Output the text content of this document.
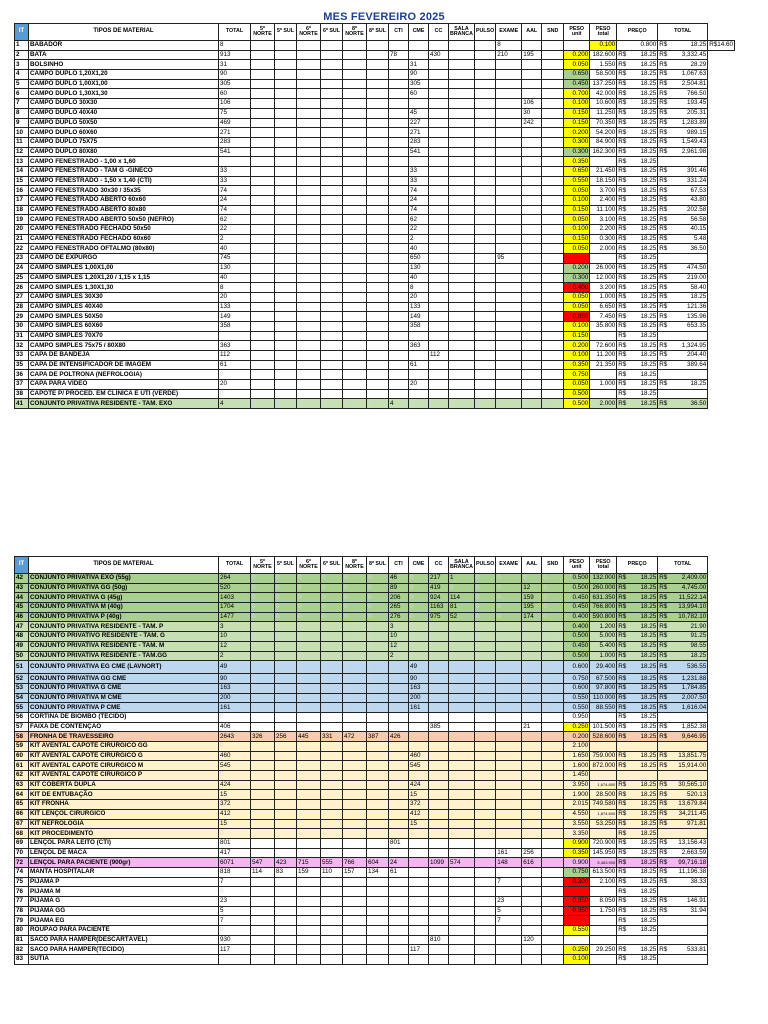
MES FEVEREIRO 2025
IT	TIPOS DE MATERIAL	TOTAL	5º NORTE	5º SUL	6º NORTE	6º SUL	8º NORTE	8º SUL	CTI	CME	CC	SALA BRANCA	PULSO	EXAME	AAL	SND	PESO unit	PESO total	PREÇO	TOTAL	
1	BABADOR	8												8				0.100	0.800	R$ 18.25	R$ 14.60

2	BATA	913							78		430			210	195		0.200	182.600	R$ 18.25	R$ 3,332.45	

3	BOLSINHO	31								31							0.050	1.550	R$ 18.25	R$ 28.29	

4	CAMPO DUPLO 1,20X1,20	90								90							0.650	58.500	R$ 18.25	R$ 1,067.63	

5	CAMPO DUPLO 1,00X1,00	305								305							0.450	137.250	R$ 18.25	R$ 2,504.81	

6	CAMPO DUPLO 1,30X1,30	60								60							0.700	42.000	R$ 18.25	R$ 766.50	

7	CAMPO DUPLO 30X30	106													106		0.100	10.600	R$ 18.25	R$ 193.45	

8	CAMPO DUPLO 40X40	75								45					30		0.150	11.250	R$ 18.25	R$ 205.31	

9	CAMPO DUPLO 50X50	469								227					242		0.150	70.350	R$ 18.25	R$ 1,283.89	

10	CAMPO DUPLO 60X60	271								271							0.200	54.200	R$ 18.25	R$ 989.15	

11	CAMPO DUPLO 75X75	283								283							0.300	84.900	R$ 18.25	R$ 1,549.43	

12	CAMPO DUPLO 80X80	541								541							0.300	162.300	R$ 18.25	R$ 2,961.98	

13	CAMPO FENESTRADO - 1,00 x 1,60																0.350		R$ 18.25		

14	CAMPO FENESTRADO - TAM G -GINECO	33								33							0.650	21.450	R$ 18.25	R$ 391.46	

15	CAMPO FENESTRADO - 1,50 x 1,40 (CTI)	33								33							0.550	18.150	R$ 18.25	R$ 331.24	

16	CAMPO FENESTRADO 30x30 / 35x35	74								74							0.050	3.700	R$ 18.25	R$ 67.53	

17	CAMPO FENESTRADO ABERTO 60x60	24								24							0.100	2.400	R$ 18.25	R$ 43.80	

18	CAMPO FENESTRADO ABERTO 80x80	74								74							0.150	11.100	R$ 18.25	R$ 202.58	

19	CAMPO FENESTRADO ABERTO 50x50 (NEFRO)	62								62							0.050	3.100	R$ 18.25	R$ 56.58	

20	CAMPO FENESTRADO FECHADO 50x50	22								22							0.100	2.200	R$ 18.25	R$ 40.15	

21	CAMPO FENESTRADO FECHADO 60x60	2								2							0.150	0.300	R$ 18.25	R$ 5.48	

22	CAMPO FENESTRADO OFTALMO (80x80)	40								40							0.050	2.000	R$ 18.25	R$ 36.50	

23	CAMPO DE EXPURGO	745								650				95					R$ 18.25		

24	CAMPO SIMPLES 1,00X1,00	130								130							0.200	26.000	R$ 18.25	R$ 474.50	

25	CAMPO SIMPLES 1,20X1,20 / 1,15 x 1,15	40								40							0.300	12.000	R$ 18.25	R$ 219.00	

26	CAMPO SIMPLES 1,30X1,30	8								8							0.400	3.200	R$ 18.25	R$ 58.40	

27	CAMPO SIMPLES 30X30	20								20							0.050	1.000	R$ 18.25	R$ 18.25	

28	CAMPO SIMPLES 40X40	133								133							0.050	6.650	R$ 18.25	R$ 121.36	

29	CAMPO SIMPLES 50X50	149								149							0.050	7.450	R$ 18.25	R$ 135.96	

30	CAMPO SIMPLES 60X60	358								358							0.100	35.800	R$ 18.25	R$ 653.35	

31	CAMPO SIMPLES 70X70																0.150		R$ 18.25		

32	CAMPO SIMPLES 75x75 / 80X80	363								363							0.200	72.600	R$ 18.25	R$ 1,324.95	

33	CAPA DE BANDEJA	112									112						0.100	11.200	R$ 18.25	R$ 204.40	

35	CAPA DE INTENSIFICADOR DE IMAGEM	61								61							0.350	21.350	R$ 18.25	R$ 389.64	

36	CAPA DE POLTRONA (NEFROLOGIA)	0															0.750		R$ 18.25		

37	CAPA PARA VIDEO	20								20							0.050	1.000	R$ 18.25	R$ 18.25	

38	CAPOTE P/ PROCED. EM CLÍNICA E UTI (VERDE)	0															0.500		R$ 18.25		

41	CONJUNTO PRIVATIVA RESIDENTE - TAM. EXO	4	0	0	0	0	0	0	4	0	0	0	0	0	0	0	0.500	2.000	R$ 18.25	R$ 36.50	
IT	TIPOS DE MATERIAL	TOTAL	5º NORTE	5º SUL	6º NORTE	6º SUL	8º NORTE	8º SUL	CTI	CME	CC	SALA BRANCA	PULSO	EXAME	AAL	SND	PESO unit	PESO total	PREÇO	TOTAL
42	CONJUNTO PRIVATIVA EXO (55g)	264	0	0	0	0	0	0	46	0	217	1	0	0	0	0	0.500	132.000	R$ 18.25	R$ 2,409.00

43	CONJUNTO PRIVATIVA GG (50g)	520	0	0	0	0	0	0	89	0	419	0	0	0	12	0	0.500	260.000	R$ 18.25	R$ 4,745.00

44	CONJUNTO PRIVATIVA G (45g)	1403	0	0	0	0	0	0	206	0	924	114	0	0	159	0	0.450	631.350	R$ 18.25	R$ 11,522.14

45	CONJUNTO PRIVATIVA M (40g)	1704	0	0	0	0	0	0	265	0	1163	81	0	0	195	0	0.450	766.800	R$ 18.25	R$ 13,994.10

46	CONJUNTO PRIVATIVA P (40g)	1477	0	0	0	0	0	0	276	0	975	52	0	0	174	0	0.400	590.800	R$ 18.25	R$ 10,782.10

47	CONJUNTO PRIVATIVA RESIDENTE - TAM. P	3	0	0	0	0	0	0	3	0	0	0	0	0	0	0	0.400	1.200	R$ 18.25	R$ 21.90

48	CONJUNTO PRIVATIVO RESIDENTE - TAM. G	10	0	0	0	0	0	0	10	0	0	0	0	0	0	0	0.500	5.000	R$ 18.25	R$ 91.25

49	CONJUNTO PRIVATIVA RESIDENTE - TAM. M	12	0	0	0	0	0	0	12	0	0	0	0	0	0	0	0.450	5.400	R$ 18.25	R$ 98.55

50	CONJUNTO PRIVATIVA RESIDENTE - TAM.GG	2	0	0	0	0	0	0	2	0	0	0	0	0	0	0	0.500	1.000	R$ 18.25	R$ 18.25

51	CONJUNTO PRIVATIVA EG CME (LAVNORT)	49	0	0	0	0	0	0	0	49	0	0	0	0	0	0	0.600	29.400	R$ 18.25	R$ 536.55

52	CONJUNTO PRIVATIVA GG CME	90	0	0	0	0	0	0	0	90	0	0	0	0	0	0	0.750	67.500	R$ 18.25	R$ 1,231.88

53	CONJUNTO PRIVATIVA G CME	163	0	0	0	0	0	0	0	163	0	0	0	0	0	0	0.600	97.800	R$ 18.25	R$ 1,784.85

54	CONJUNTO PRIVATIVA M CME	200	0	0	0	0	0	0	0	200	0	0	0	0	0	0	0.550	110.000	R$ 18.25	R$ 2,007.50

55	CONJUNTO PRIVATIVA P CME	161	0	0	0	0	0	0	0	161	0	0	0	0	0	0	0.550	88.550	R$ 18.25	R$ 1,616.04

56	CORTINA DE BIOMBO (TECIDO)	0															0.950		R$ 18.25	

57	FAIXA DE CONTENÇÃO	406									385				21		0.250	101.500	R$ 18.25	R$ 1,852.38

58	FRONHA DE TRAVESSEIRO	2643	326	256	445	331	472	387	426								0.200	528.600	R$ 18.25	R$ 9,646.95

59	KIT AVENTAL CAPOTE CIRURGICO GG	0															2.100			
60	KIT AVENTAL CAPOTE CIRURGICO G	460								460							1.650	759.000	R$ 18.25	R$ 13,851.75

61	KIT AVENTAL CAPOTE CIRURGICO M	545								545							1.600	872.000	R$ 18.25	R$ 15,914.00

62	KIT AVENTAL CAPOTE CIRURGICO P	0															1.450			
63	KIT COBERTA DUPLA	424								424							3.950	1,674.800	R$ 18.25	R$ 30,565.10

64	KIT DE ENTUBAÇÃO	15								15							1.900	28.500	R$ 18.25	R$ 520.13

65	KIT FRONHA	372								372							2.015	749.580	R$ 18.25	R$ 13,679.84

66	KIT LENÇOL CIRÚRGICO	412								412							4.550	1,874.600	R$ 18.25	R$ 34,211.45

67	KIT NEFROLOGIA	15								15							3.550	53.250	R$ 18.25	R$ 971.81

68	KIT PROCEDIMENTO	0															3.350		R$ 18.25	

69	LENÇOL PARA LEITO (CTI)	801							801								0.900	720.900	R$ 18.25	R$ 13,156.43

70	LENÇOL DE MACA	417												161	256		0.350	145.950	R$ 18.25	R$ 2,663.59

72	LENÇOL PARA PACIENTE (900gr)	6071	547	423	715	555	766	604	24		1099	574		148	616		0.900	5,463.900	R$ 18.25	R$ 99,716.18

74	MANTA HOSPITALAR	818	114	83	159	110	157	134	61								0.750	613.500	R$ 18.25	R$ 11,196.38

75	PIJAMA P	7												7			0.300	2.100	R$ 18.25	R$ 38.33

76	PIJAMA M	0																	R$ 18.25	

77	PIJAMA G	23												23			0.350	8.050	R$ 18.25	R$ 146.91

78	PIJAMA GG	5												5			0.350	1.750	R$ 18.25	R$ 31.94

79	PIJAMA EG	7												7					R$ 18.25	

80	ROUPÃO PARA PACIENTE	0															0.550		R$ 18.25	

81	SACO PARA HAMPER(DESCARTÁVEL)	930									810				120					
82	SACO PARA HAMPER(TECIDO)	117								117							0.250	29.250	R$ 18.25	R$ 533.81

83	SUTIÃ																0.100		R$ 18.25	
